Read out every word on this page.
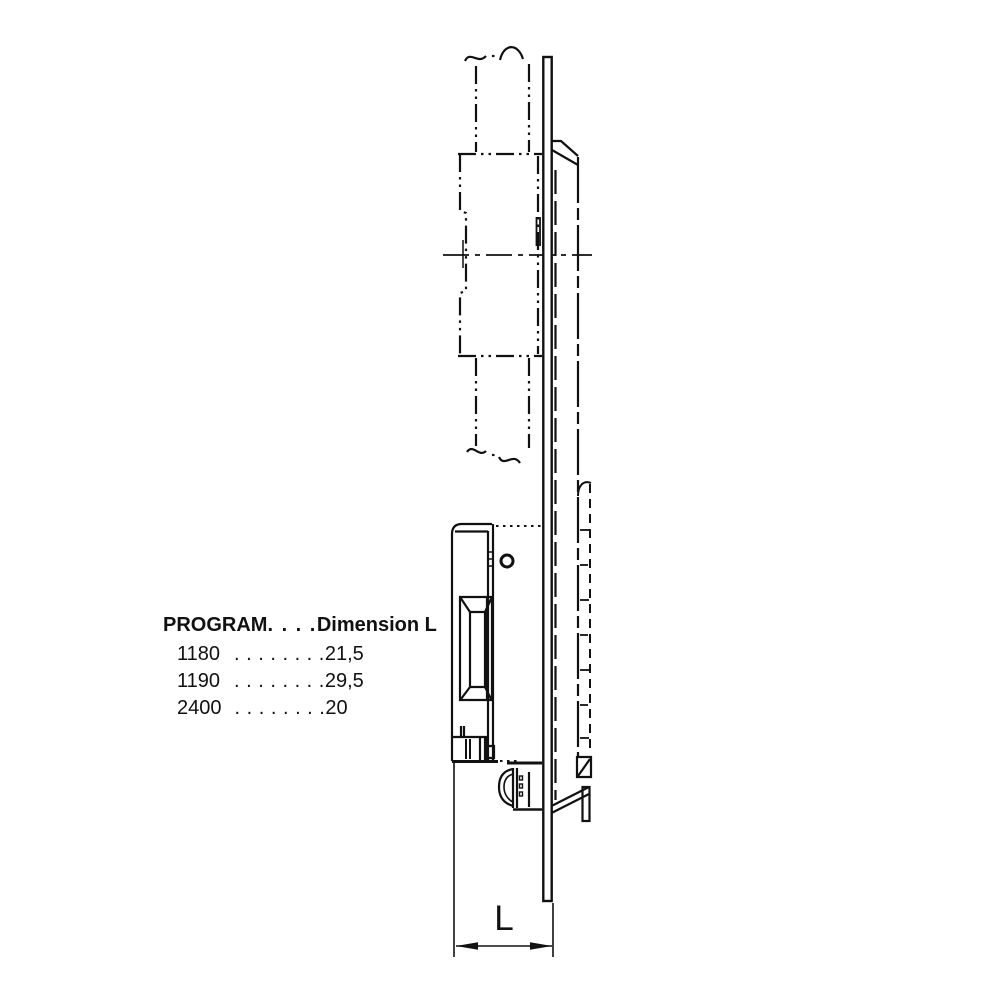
L
PROGRAM . . . . Dimension L
1180 . . . . . . . . 21,5
1190 . . . . . . . . 29,5
2400 . . . . . . . . 20
